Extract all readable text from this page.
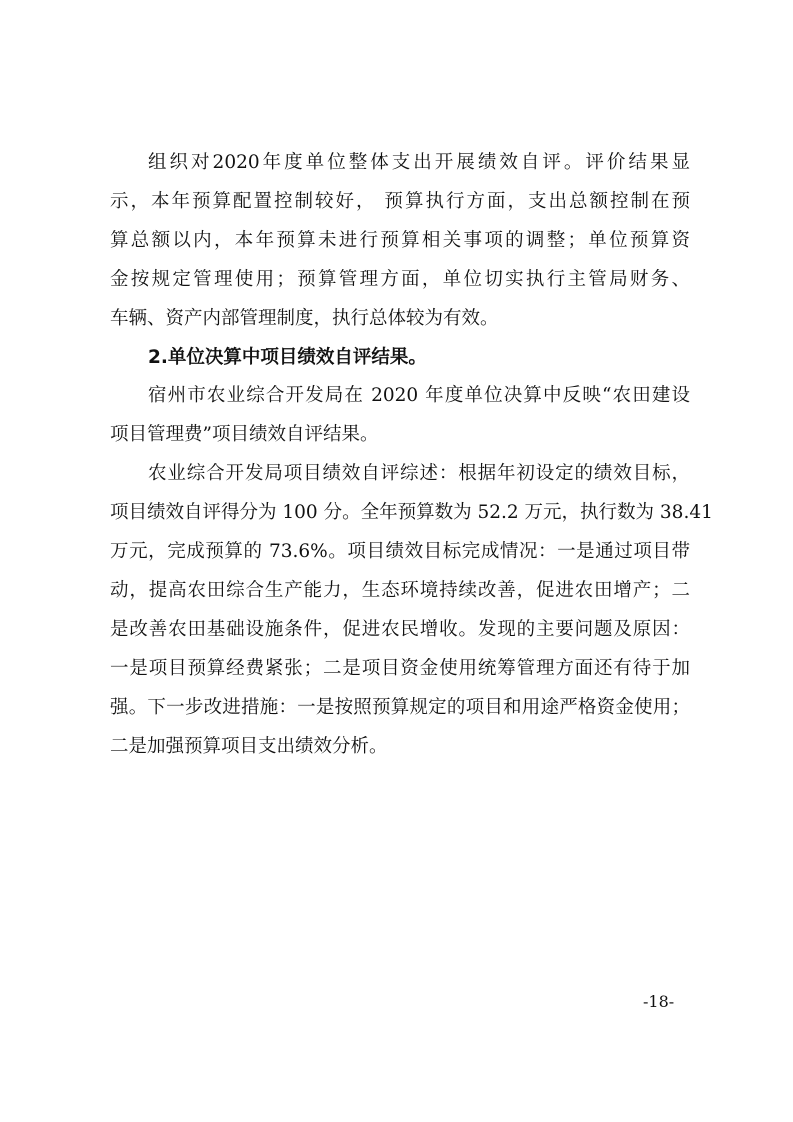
组织对2020年度单位整体支出开展绩效自评。评价结果显
示，本年预算配置控制较好， 预算执行方面，支出总额控制在预
算总额以内，本年预算未进行预算相关事项的调整；单位预算资
金按规定管理使用；预算管理方面，单位切实执行主管局财务、
车辆、资产内部管理制度，执行总体较为有效。
2.单位决算中项目绩效自评结果。
宿州市农业综合开发局在 2020 年度单位决算中反映“农田建设
项目管理费”项目绩效自评结果。
农业综合开发局项目绩效自评综述：根据年初设定的绩效目标，
项目绩效自评得分为 100 分。全年预算数为 52.2 万元，执行数为 38.41
万元，完成预算的 73.6%。项目绩效目标完成情况：一是通过项目带
动，提高农田综合生产能力，生态环境持续改善，促进农田增产；二
是改善农田基础设施条件，促进农民增收。发现的主要问题及原因：
一是项目预算经费紧张；二是项目资金使用统筹管理方面还有待于加
强。下一步改进措施：一是按照预算规定的项目和用途严格资金使用；
二是加强预算项目支出绩效分析。
-18-
